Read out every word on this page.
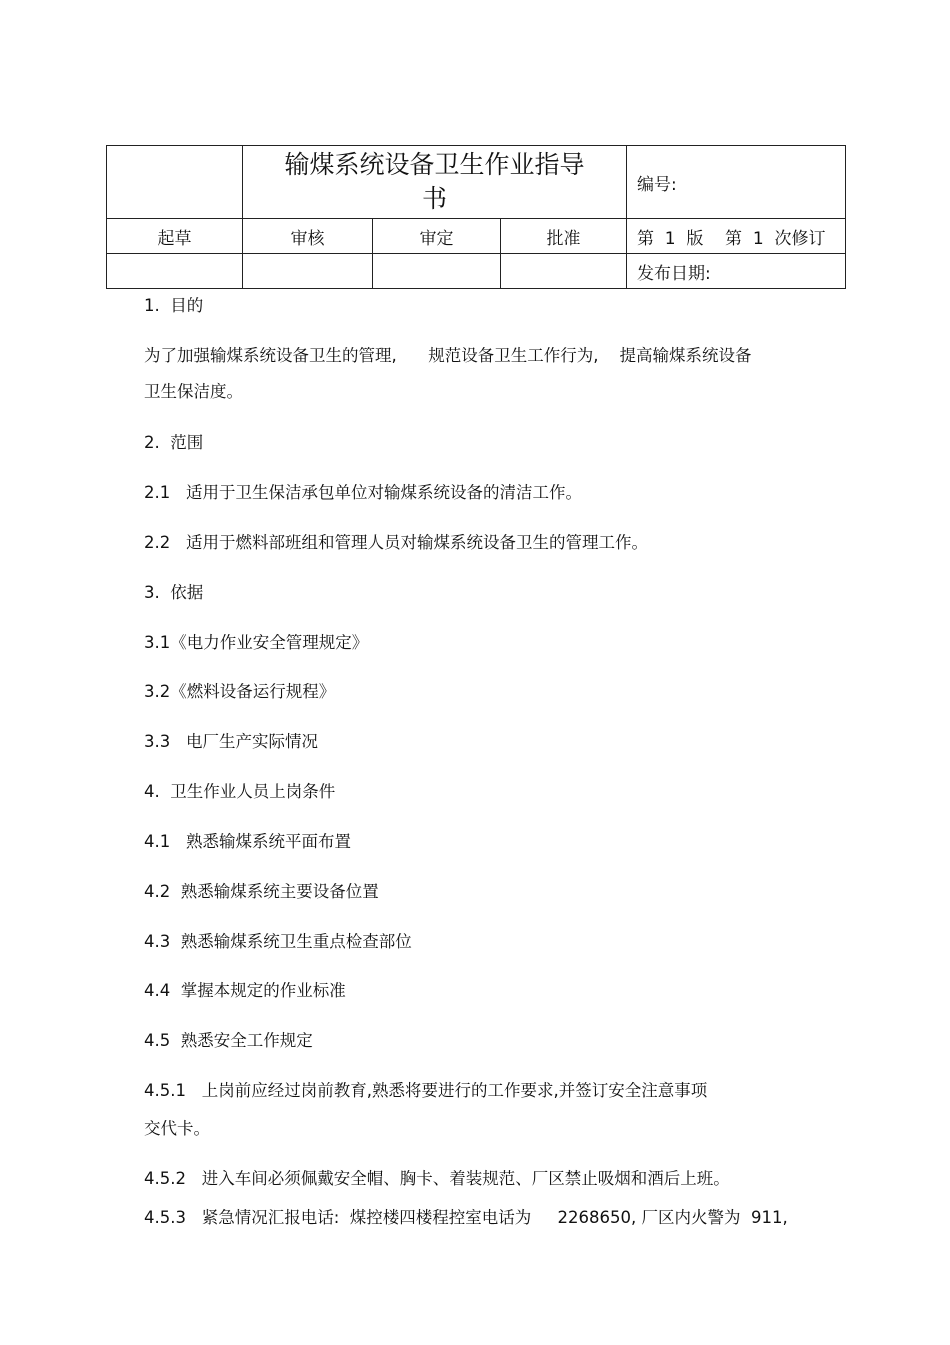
	输煤系统设备卫生作业指导
书			编号:
起草	审核	审定	批准	第  1  版    第  1  次修订
				发布日期:
1.  目的
为了加强输煤系统设备卫生的管理,      规范设备卫生工作行为,    提高输煤系统设备
卫生保洁度。
2.  范围
2.1   适用于卫生保洁承包单位对输煤系统设备的清洁工作。
2.2   适用于燃料部班组和管理人员对输煤系统设备卫生的管理工作。
3.  依据
3.1《电力作业安全管理规定》
3.2《燃料设备运行规程》
3.3   电厂生产实际情况
4.  卫生作业人员上岗条件
4.1   熟悉输煤系统平面布置
4.2  熟悉输煤系统主要设备位置
4.3  熟悉输煤系统卫生重点检查部位
4.4  掌握本规定的作业标准
4.5  熟悉安全工作规定
4.5.1   上岗前应经过岗前教育,熟悉将要进行的工作要求,并签订安全注意事项
交代卡。
4.5.2   进入车间必须佩戴安全帽、胸卡、着装规范、厂区禁止吸烟和酒后上班。
4.5.3   紧急情况汇报电话:  煤控楼四楼程控室电话为     2268650, 厂区内火警为  911,
